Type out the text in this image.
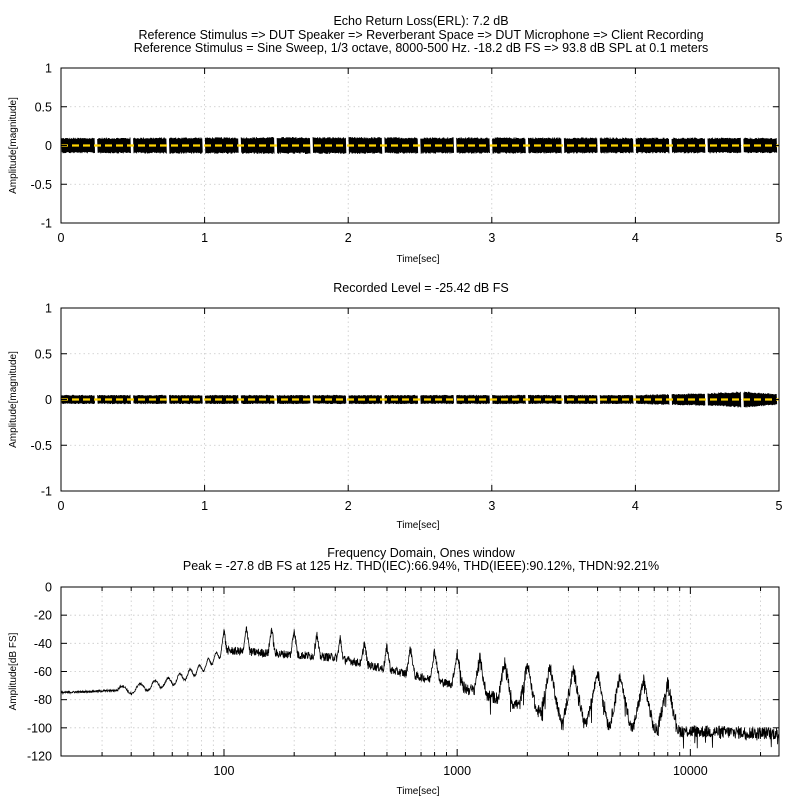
Echo Return Loss(ERL): 7.2 dB
Reference Stimulus => DUT Speaker => Reverberant Space => DUT Microphone => Client Recording
Reference Stimulus = Sine Sweep, 1/3 octave, 8000-500 Hz. -18.2 dB FS => 93.8 dB SPL at 0.1 meters
0	1	2	3	4	5
-1
-0.5
0
0.5
1
Time[sec]
Amplitude[magnitude]
Recorded Level = -25.42 dB FS
0	1	2	3	4	5
-1
-0.5
0
0.5
1
Time[sec]
Amplitude[magnitude]
Frequency Domain, Ones window
Peak = -27.8 dB FS at 125 Hz. THD(IEC):66.94%, THD(IEEE):90.12%, THDN:92.21%
100	1000	10000
-120
-100
-80
-60
-40
-20
0
Time[sec]
Amplitude[dB FS]
